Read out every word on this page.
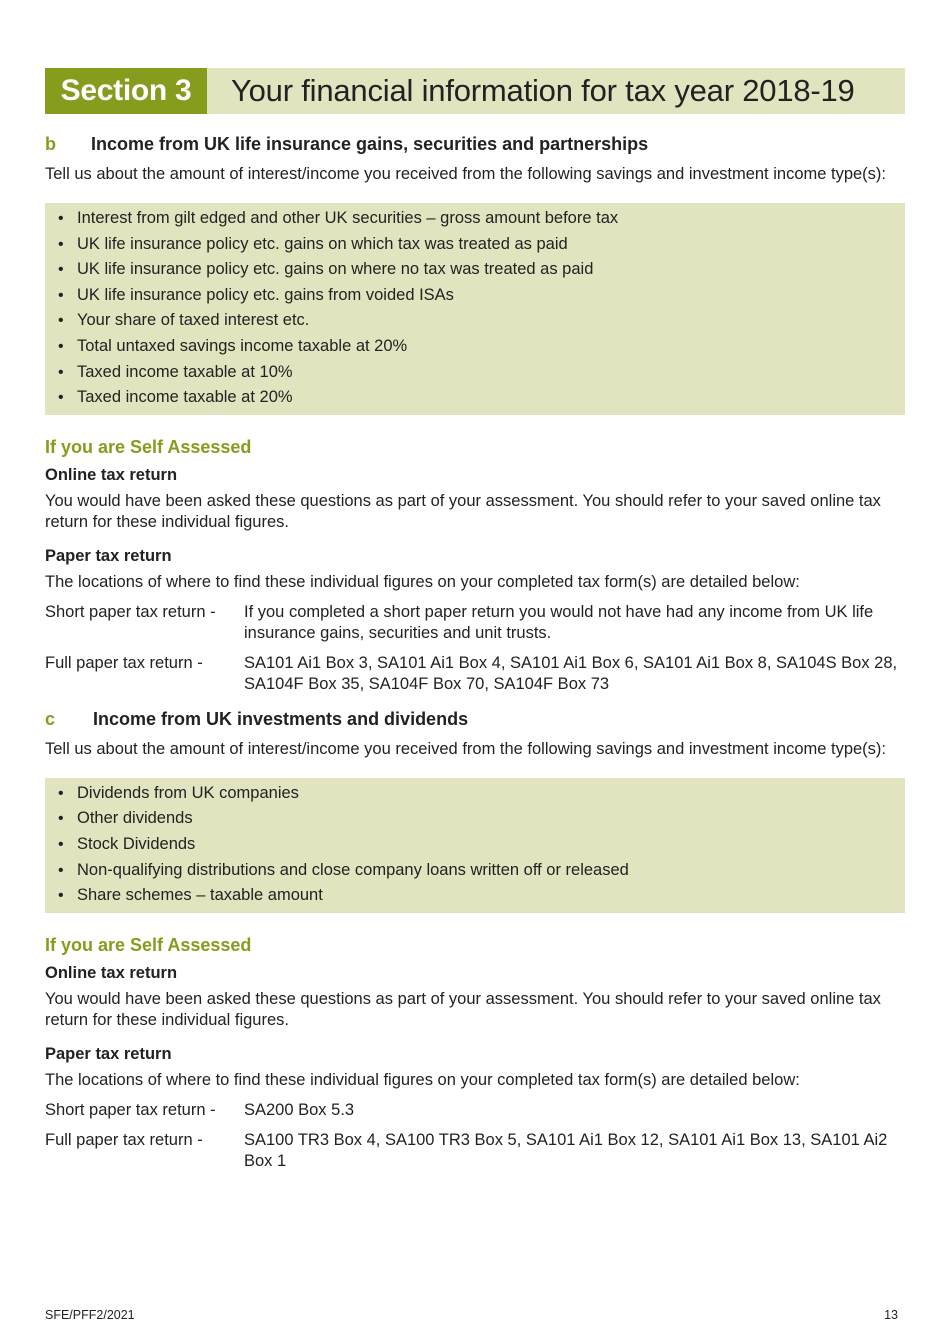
Section 3	Your financial information for tax year 2018-19
b	Income from UK life insurance gains, securities and partnerships
Tell us about the amount of interest/income you received from the following savings and investment income type(s):
• Interest from gilt edged and other UK securities – gross amount before tax
• UK life insurance policy etc. gains on which tax was treated as paid
• UK life insurance policy etc. gains on where no tax was treated as paid
• UK life insurance policy etc. gains from voided ISAs
• Your share of taxed interest etc.
• Total untaxed savings income taxable at 20%
• Taxed income taxable at 10%
• Taxed income taxable at 20%
If you are Self Assessed
Online tax return
You would have been asked these questions as part of your assessment. You should refer to your saved online tax return for these individual figures.
Paper tax return
The locations of where to find these individual figures on your completed tax form(s) are detailed below:
Short paper tax return -	If you completed a short paper return you would not have had any income from UK life insurance gains, securities and unit trusts.
Full paper tax return -	SA101 Ai1 Box 3, SA101 Ai1 Box 4, SA101 Ai1 Box 6, SA101 Ai1 Box 8, SA104S Box 28, SA104F Box 35, SA104F Box 70, SA104F Box 73
c	Income from UK investments and dividends
Tell us about the amount of interest/income you received from the following savings and investment income type(s):
• Dividends from UK companies
• Other dividends
• Stock Dividends
• Non-qualifying distributions and close company loans written off or released
• Share schemes – taxable amount
If you are Self Assessed
Online tax return
You would have been asked these questions as part of your assessment. You should refer to your saved online tax return for these individual figures.
Paper tax return
The locations of where to find these individual figures on your completed tax form(s) are detailed below:
Short paper tax return -	SA200 Box 5.3
Full paper tax return -	SA100 TR3 Box 4, SA100 TR3 Box 5, SA101 Ai1 Box 12, SA101 Ai1 Box 13, SA101 Ai2 Box 1
SFE/PFF2/2021	13
